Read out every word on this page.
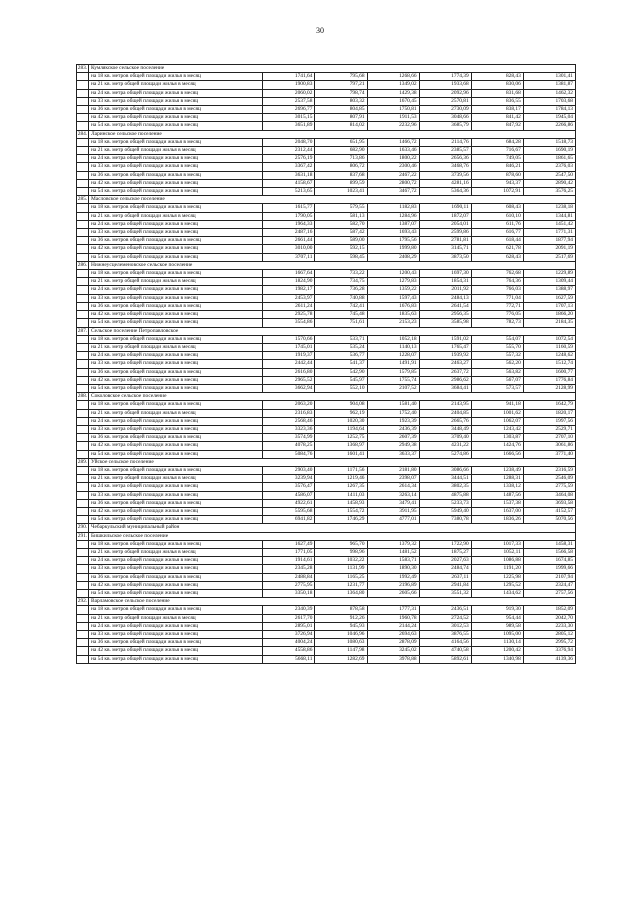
30
283.	Кумлякское сельское поселение						
	на 18 кв. метров общей площади жилья в месяц	1741,64	795,68	1268,66	1774,39	828,43	1301,41
	на 21 кв. метр общей площади жилья в месяц	1900,83	797,21	1349,02	1933,68	830,06	1381,87
	на 24 кв. метра общей площади жилья в месяц	2060,02	798,74	1429,38	2092,96	831,68	1462,32
	на 33 кв. метра общей площади жилья в месяц	2537,58	803,32	1670,45	2570,81	836,55	1703,68
	на 36 кв. метров общей площади жилья в месяц	2696,77	804,85	1750,81	2730,09	838,17	1784,13
	на 42 кв. метра общей площади жилья в месяц	3015,15	807,91	1911,53	3048,66	841,42	1945,04
	на 54 кв. метра общей площади жилья в месяц	3651,89	814,02	2232,96	3685,79	847,92	2266,86
284.	Ларинское сельское поселение						
	на 18 кв. метров общей площади жилья в месяц	2048,70	651,95	1466,72	2114,76	684,28	1518,73
	на 21 кв. метр общей площади жилья в месяц	2312,44	682,90	1633,46	2385,57	716,67	1690,19
	на 24 кв. метра общей площади жилья в месяц	2576,19	713,86	1800,22	2656,36	749,05	1861,65
	на 33 кв. метра общей площади жилья в месяц	3367,42	806,72	2300,46	3468,76	846,21	2376,03
	на 36 кв. метров общей площади жилья в месяц	3631,18	837,68	2467,22	3739,56	878,60	2547,50
	на 42 кв. метра общей площади жилья в месяц	4158,67	899,59	2800,72	4281,16	943,37	2890,42
	на 54 кв. метра общей площади жилья в месяц	5213,65	1023,41	3467,72	5364,36	1072,91	3576,25
285.	Масловское сельское поселение						
	на 18 кв. метров общей площади жилья в месяц	1615,77	579,55	1182,83	1690,11	608,43	1238,18
	на 21 кв. метр общей площади жилья в месяц	1790,05	581,13	1284,96	1872,07	610,10	1344,81
	на 24 кв. метра общей площади жилья в месяц	1964,33	582,70	1387,07	2054,01	611,76	1451,42
	на 33 кв. метра общей площади жилья в месяц	2487,16	587,42	1693,43	2599,86	616,77	1771,31
	на 36 кв. метров общей площади жилья в месяц	2661,44	589,00	1795,56	2781,81	618,44	1877,94
	на 42 кв. метра общей площади жилья в месяц	3010,00	592,15	1999,80	3145,71	621,78	2091,19
	на 54 кв. метра общей площади жилья в месяц	3707,11	598,45	2408,29	3873,50	628,43	2517,69
286.	Нижнеусцелеменовское сельское поселение						
	на 18 кв. метров общей площади жилья в месяц	1667,64	733,22	1200,43	1697,30	762,68	1229,89
	на 21 кв. метр общей площади жилья в месяц	1824,90	734,75	1279,83	1854,31	764,36	1309,44
	на 24 кв. метра общей площади жилья в месяц	1982,17	736,28	1359,22	2011,92	766,03	1388,97
	на 33 кв. метра общей площади жилья в месяц	2453,97	740,88	1597,43	2484,13	771,04	1627,59
	на 36 кв. метров общей площади жилья в месяц	2611,24	742,41	1676,83	2641,54	772,71	1707,13
	на 42 кв. метра общей площади жилья в месяц	2925,78	745,48	1835,63	2956,35	776,05	1866,20
	на 54 кв. метра общей площади жилья в месяц	3554,86	751,61	2153,23	3585,98	782,73	2184,35
287.	Сельское поселение Петропавловское						
	на 18 кв. метров общей площади жилья в месяц	1570,66	533,71	1052,18	1591,02	554,07	1072,54
	на 21 кв. метр общей площади жилья в месяц	1745,01	535,24	1140,13	1765,47	555,70	1160,59
	на 24 кв. метра общей площади жилья в месяц	1919,37	536,77	1228,07	1939,92	557,32	1248,62
	на 33 кв. метра общей площади жилья в месяц	2442,44	541,37	1491,91	2463,27	562,20	1512,74
	на 36 кв. метров общей площади жилья в месяц	2616,80	542,90	1579,85	2637,72	563,82	1600,77
	на 42 кв. метра общей площади жилья в месяц	2965,52	545,97	1755,74	2986,62	567,07	1776,84
	на 54 кв. метра общей площади жилья в месяц	3662,94	552,10	2107,52	3684,41	573,57	2128,99
288.	Соколовское сельское поселение						
	на 18 кв. метров общей площади жилья в месяц	2063,20	904,08	1581,40	2143,95	941,18	1642,79
	на 21 кв. метр общей площади жилья в месяц	2316,83	962,19	1752,40	2404,85	1001,62	1820,17
	на 24 кв. метра общей площади жилья в месяц	2568,46	1020,30	1923,39	2665,76	1062,07	1997,56
	на 33 кв. метра общей площади жилья в месяц	3323,36	1194,64	2436,39	3448,49	1243,42	2529,71
	на 36 кв. метров общей площади жилья в месяц	3574,99	1252,75	2607,39	3709,40	1303,87	2707,10
	на 42 кв. метра общей площади жилья в месяц	4078,25	1368,97	2949,38	4231,22	1424,76	3061,86
	на 54 кв. метра общей площади жилья в месяц	5084,76	1601,41	3633,37	5274,86	1666,56	3771,40
289.	Уйское сельское поселение						
	на 18 кв. метров общей площади жилья в месяц	2903,40	1171,56	2181,80	3086,66	1238,49	2316,59
	на 21 кв. метр общей площади жилья в месяц	3239,94	1219,46	2398,07	3444,51	1288,31	2546,09
	на 24 кв. метра общей площади жилья в месяц	3576,47	1267,35	2614,34	3802,35	1338,12	2775,59
	на 33 кв. метра общей площади жилья в месяц	4586,07	1411,03	3263,14	4875,88	1487,56	3464,08
	на 36 кв. метров общей площади жилья в месяц	4922,61	1458,93	3479,41	5233,73	1537,38	3693,58
	на 42 кв. метра общей площади жилья в месяц	5595,68	1554,72	3911,95	5949,40	1637,00	4152,57
	на 54 кв. метра общей площади жилья в месяц	6941,82	1746,29	4777,01	7380,78	1836,26	5070,56
290.	Чебаркульский муниципальный район						
291.	Бишкильское сельское поселение						
	на 18 кв. метров общей площади жилья в месяц	1627,49	965,70	1379,32	1722,90	1017,33	1458,31
	на 21 кв. метр общей площади жилья в месяц	1771,05	998,96	1481,52	1875,27	1052,11	1566,58
	на 24 кв. метра общей площади жилья в месяц	1914,61	1032,22	1583,71	2027,63	1086,88	1674,85
	на 33 кв. метра общей площади жилья в месяц	2345,28	1131,99	1890,30	2484,74	1191,20	1999,66
	на 36 кв. метров общей площади жилья в месяц	2488,84	1165,25	1992,49	2637,11	1225,98	2107,94
	на 42 кв. метра общей площади жилья в месяц	2775,95	1231,77	2196,89	2941,84	1295,52	2324,47
	на 54 кв. метра общей площади жилья в месяц	3350,18	1364,80	2605,66	3551,32	1434,62	2757,56
292.	Варламовское сельское поселение						
	на 18 кв. метров общей площади жилья в месяц	2340,39	878,58	1777,31	2436,51	919,30	1852,09
	на 21 кв. метр общей площади жилья в месяц	2617,70	912,26	1960,78	2724,52	954,44	2042,70
	на 24 кв. метра общей площади жилья в месяц	2895,01	945,93	2144,24	3012,53	989,58	2233,30
	на 33 кв. метра общей площади жилья в месяц	3726,94	1046,96	2694,63	3876,55	1095,00	2805,12
	на 36 кв. метров общей площади жилья в месяц	4004,24	1080,63	2878,09	4164,56	1130,14	2995,72
	на 42 кв. метра общей площади жилья в месяц	4558,86	1147,98	3245,02	4740,58	1200,42	3376,94
	на 54 кв. метра общей площади жилья в месяц	5668,11	1282,69	3978,88	5892,61	1340,98	4139,36
